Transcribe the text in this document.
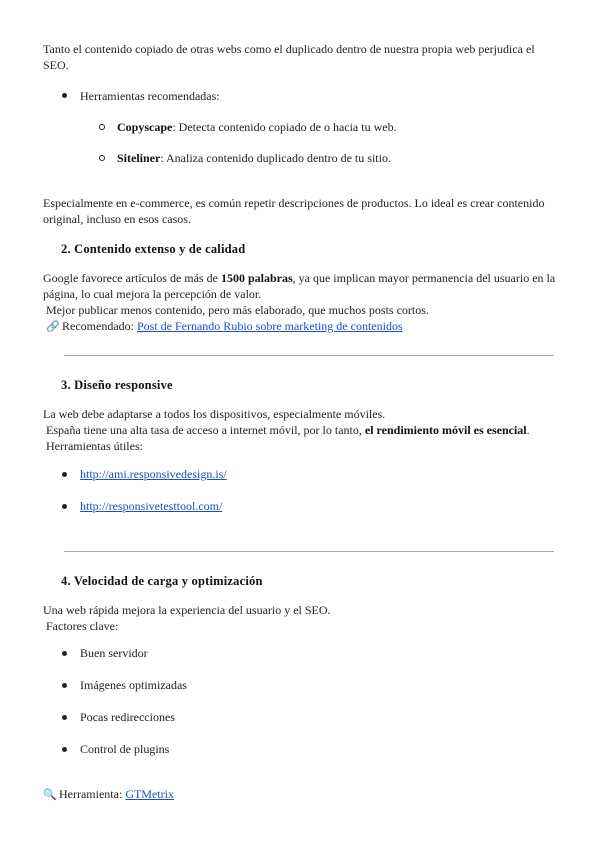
Tanto el contenido copiado de otras webs como el duplicado dentro de nuestra propia web perjudica el SEO.

Herramientas recomendadas:

Copyscape: Detecta contenido copiado de o hacia tu web.

Siteliner: Analiza contenido duplicado dentro de tu sitio.

Especialmente en e-commerce, es común repetir descripciones de productos. Lo ideal es crear contenido original, incluso en esos casos.

2. Contenido extenso y de calidad

Google favorece artículos de más de 1500 palabras, ya que implican mayor permanencia del usuario en la página, lo cual mejora la percepción de valor.

Mejor publicar menos contenido, pero más elaborado, que muchos posts cortos.

🔗 Recomendado: Post de Fernando Rubio sobre marketing de contenidos

3. Diseño responsive

La web debe adaptarse a todos los dispositivos, especialmente móviles.

España tiene una alta tasa de acceso a internet móvil, por lo tanto, el rendimiento móvil es esencial.

Herramientas útiles:

http://ami.responsivedesign.is/
http://responsivetesttool.com/
4. Velocidad de carga y optimización

Una web rápida mejora la experiencia del usuario y el SEO.

Factores clave:

Buen servidor

Imágenes optimizadas

Pocas redirecciones

Control de plugins

🔍 Herramienta: GTMetrix
